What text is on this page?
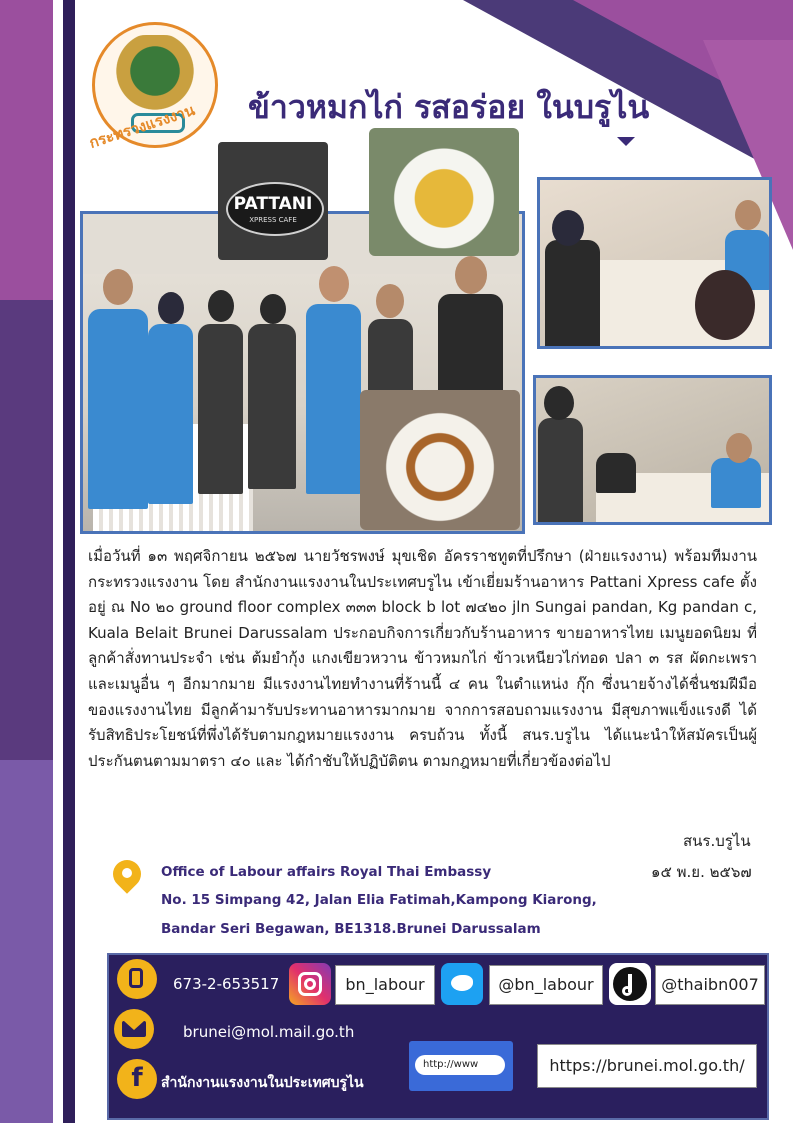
กระทรวงแรงงาน	ข้าวหมกไก่ รสอร่อย ในบรูไน
PATTANI
XPRESS CAFE
เมื่อวันที่ ๑๓ พฤศจิกายน ๒๕๖๗ นายวัชรพงษ์ มุขเชิด อัครราชทูตที่ปรึกษา (ฝ่ายแรงงาน) พร้อมทีมงาน กระทรวงแรงงาน โดย สำนักงานแรงงานในประเทศบรูไน เข้าเยี่ยมร้านอาหาร Pattani Xpress cafe ตั้งอยู่ ณ No ๒๐ ground floor complex ๓๓๓ block b lot ๗๔๒๐ jln Sungai pandan, Kg pandan c, Kuala Belait Brunei Darussalam ประกอบกิจการเกี่ยวกับร้านอาหาร ขายอาหารไทย เมนูยอดนิยม ที่ลูกค้าสั่งทานประจำ เช่น ต้มยำกุ้ง แกงเขียวหวาน ข้าวหมกไก่ ข้าวเหนียวไก่ทอด ปลา ๓ รส ผัดกะเพรา และเมนูอื่น ๆ อีกมากมาย มีแรงงานไทยทำงานที่ร้านนี้ ๔ คน ในตำแหน่ง กุ๊ก ซึ่งนายจ้างได้ชื่นชมฝีมือของแรงงานไทย มีลูกค้ามารับประทานอาหารมากมาย จากการสอบถามแรงงาน มีสุขภาพแข็งแรงดี ได้รับสิทธิประโยชน์ที่พึ่งได้รับตามกฎหมายแรงงาน ครบถ้วน ทั้งนี้ สนร.บรูไน ได้แนะนำให้สมัครเป็นผู้ประกันตนตามมาตรา ๔๐ และ ได้กำชับให้ปฏิบัติตน ตามกฎหมายที่เกี่ยวข้องต่อไป
สนร.บรูไน
๑๕ พ.ย. ๒๕๖๗
Office of Labour affairs Royal Thai Embassy
No. 15 Simpang 42, Jalan Elia Fatimah,Kampong Kiarong,
Bandar Seri Begawan, BE1318.Brunei Darussalam
673-2-653517	bn_labour	@bn_labour	@thaibn007
brunei@mol.mail.go.th
f	สำนักงานแรงงานในประเทศบรูไน
http://www	https://brunei.mol.go.th/
